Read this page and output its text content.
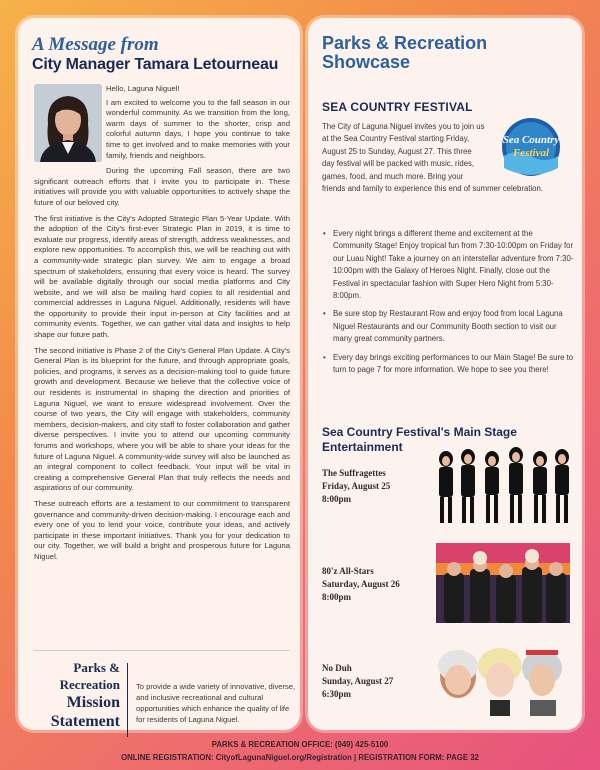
A Message from
City Manager Tamara Letourneau

Hello, Laguna Niguel!

I am excited to welcome you to the fall season in our wonderful community. As we transition from the long, warm days of summer to the shorter, crisp and colorful autumn days, I hope you continue to take time to get involved and to make memories with your family, friends and neighbors.

During the upcoming Fall season, there are two significant outreach efforts that I invite you to participate in. These initiatives will provide you with valuable opportunities to actively shape the future of our beloved city.

The first initiative is the City's Adopted Strategic Plan 5-Year Update. With the adoption of the City's first-ever Strategic Plan in 2019, it is time to evaluate our progress, identify areas of strength, address weaknesses, and explore new opportunities. To accomplish this, we will be reaching out with a community-wide strategic plan survey. We aim to engage a broad spectrum of stakeholders, ensuring that every voice is heard. The survey will be available digitally through our social media platforms and City website, and we will also be mailing hard copies to all residential and commercial addresses in Laguna Niguel. Additionally, residents will have the opportunity to provide their input in-person at City facilities and at community events. Together, we can gather vital data and insights to help shape our future path.

The second initiative is Phase 2 of the City's General Plan Update. A City's General Plan is its blueprint for the future, and through appropriate goals, policies, and programs, it serves as a decision-making tool to guide future growth and development. Because we believe that the collective voice of our residents is instrumental in shaping the direction and priorities of Laguna Niguel, we want to ensure widespread involvement. Over the course of two years, the City will engage with stakeholders, community members, decision-makers, and city staff to foster collaboration and gather diverse perspectives. I invite you to attend our upcoming community forums and workshops, where you will be able to share your ideas for the future of Laguna Niguel. A community-wide survey will also be launched as an integral component to collect feedback. Your input will be vital in creating a comprehensive General Plan that truly reflects the needs and aspirations of our community.

These outreach efforts are a testament to our commitment to transparent governance and community-driven decision-making. I encourage each and every one of you to lend your voice, contribute your ideas, and actively participate in these important initiatives. Thank you for your dedication to our city. Together, we will build a bright and prosperous future for Laguna Niguel.

Parks &
Recreation
Mission
Statement
To provide a wide variety of innovative, diverse, and inclusive recreational and cultural opportunities which enhance the quality of life for residents of Laguna Niguel.
Parks & Recreation
Showcase
SEA COUNTRY FESTIVAL
The City of Laguna Niguel invites you to join us at the Sea Country Festival starting Friday, August 25 to Sunday, August 27. This three day festival will be packed with music, rides, games, food, and much more. Bring your friends and family to experience this end of summer celebration.
Sea Country
Festival
• Every night brings a different theme and excitement at the Community Stage! Enjoy tropical fun from 7:30-10:00pm on Friday for our Luau Night! Take a journey on an interstellar adventure from 7:30-10:00pm with the Galaxy of Heroes Night. Finally, close out the Festival in spectacular fashion with Super Hero Night from 5:30-8:00pm.
• Be sure stop by Restaurant Row and enjoy food from local Laguna Niguel Restaurants and our Community Booth section to visit our many great community partners.
• Every day brings exciting performances to our Main Stage! Be sure to turn to page 7 for more information. We hope to see you there!
Sea Country Festival's Main Stage Entertainment
The Suffragettes
Friday, August 25
8:00pm
80'z All-Stars
Saturday, August 26
8:00pm
No Duh
Sunday, August 27
6:30pm
PARKS & RECREATION OFFICE: (949) 425-5100
ONLINE REGISTRATION: CityofLagunaNiguel.org/Registration | REGISTRATION FORM: PAGE 32
